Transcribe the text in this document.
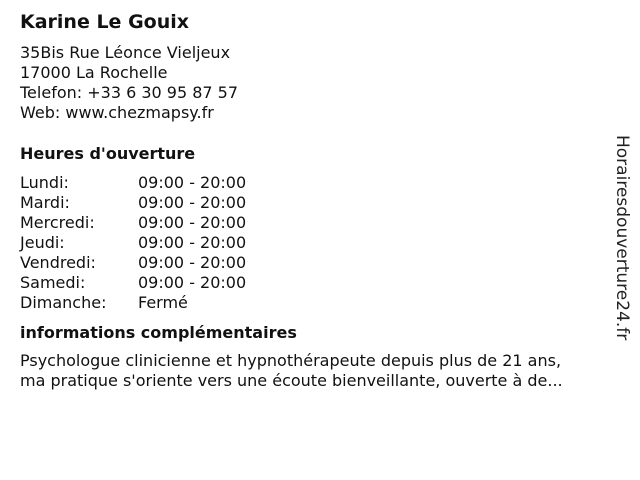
Karine Le Gouix
35Bis Rue Léonce Vieljeux
17000 La Rochelle
Telefon: +33 6 30 95 87 57
Web: www.chezmapsy.fr
Heures d'ouverture
Lundi:	09:00 - 20:00
Mardi:	09:00 - 20:00
Mercredi:	09:00 - 20:00
Jeudi:	09:00 - 20:00
Vendredi:	09:00 - 20:00
Samedi:	09:00 - 20:00
Dimanche: Fermé
informations complémentaires
Psychologue clinicienne et hypnothérapeute depuis plus de 21 ans,
ma pratique s'oriente vers une écoute bienveillante, ouverte à de...
Horairesdouverture24.fr
